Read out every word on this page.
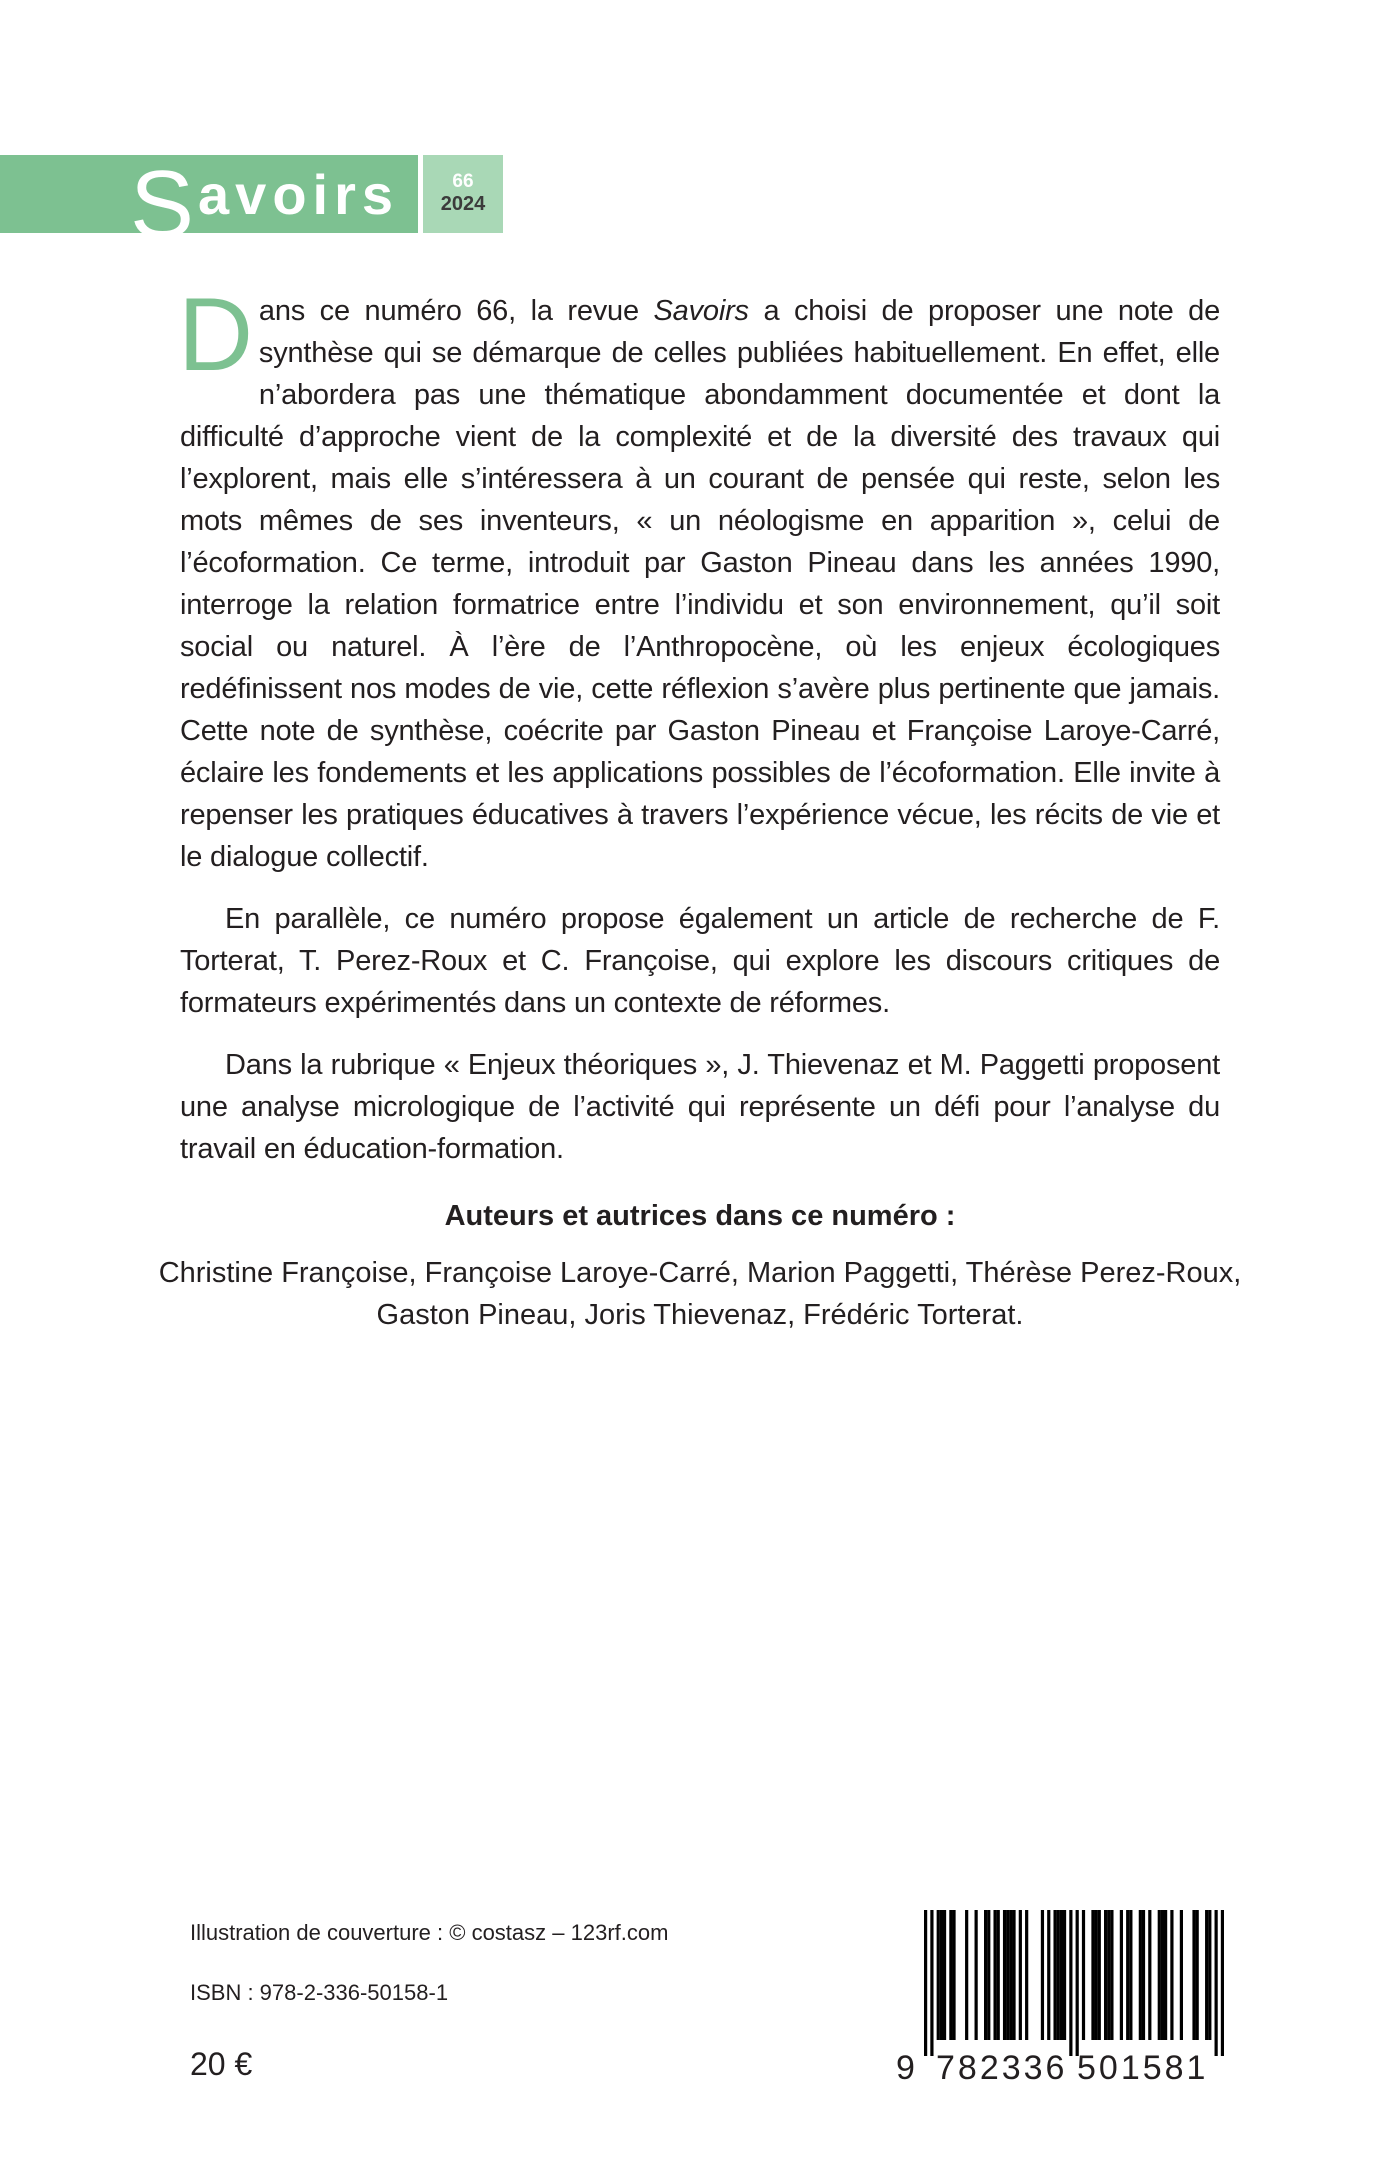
S avoirs	66
2024

Dans ce numéro 66, la revue Savoirs a choisi de proposer une note de synthèse qui se démarque de celles publiées habituellement. En effet, elle n’abordera pas une thématique abondamment documentée et dont la difficulté d’approche vient de la complexité et de la diversité des travaux qui l’explorent, mais elle s’intéressera à un courant de pensée qui reste, selon les mots mêmes de ses inventeurs, « un néologisme en apparition », celui de l’écoformation. Ce terme, introduit par Gaston Pineau dans les années 1990, interroge la relation formatrice entre l’individu et son environnement, qu’il soit social ou naturel. À l’ère de l’Anthropocène, où les enjeux écologiques redéfinissent nos modes de vie, cette réflexion s’avère plus pertinente que jamais. Cette note de synthèse, coécrite par Gaston Pineau et Françoise Laroye-Carré, éclaire les fondements et les applications possibles de l’écoformation. Elle invite à repenser les pratiques éducatives à travers l’expérience vécue, les récits de vie et le dialogue collectif.

En parallèle, ce numéro propose également un article de recherche de F. Torterat, T. Perez-Roux et C. Françoise, qui explore les discours critiques de formateurs expérimentés dans un contexte de réformes.

Dans la rubrique « Enjeux théoriques », J. Thievenaz et M. Paggetti proposent une analyse micrologique de l’activité qui représente un défi pour l’analyse du travail en éducation-formation.

Auteurs et autrices dans ce numéro :
Christine Françoise, Françoise Laroye-Carré, Marion Paggetti, Thérèse Perez-Roux,
Gaston Pineau, Joris Thievenaz, Frédéric Torterat.
Illustration de couverture : © costasz – 123rf.com
ISBN : 978-2-336-50158-1
20 €	9 782336 501581
